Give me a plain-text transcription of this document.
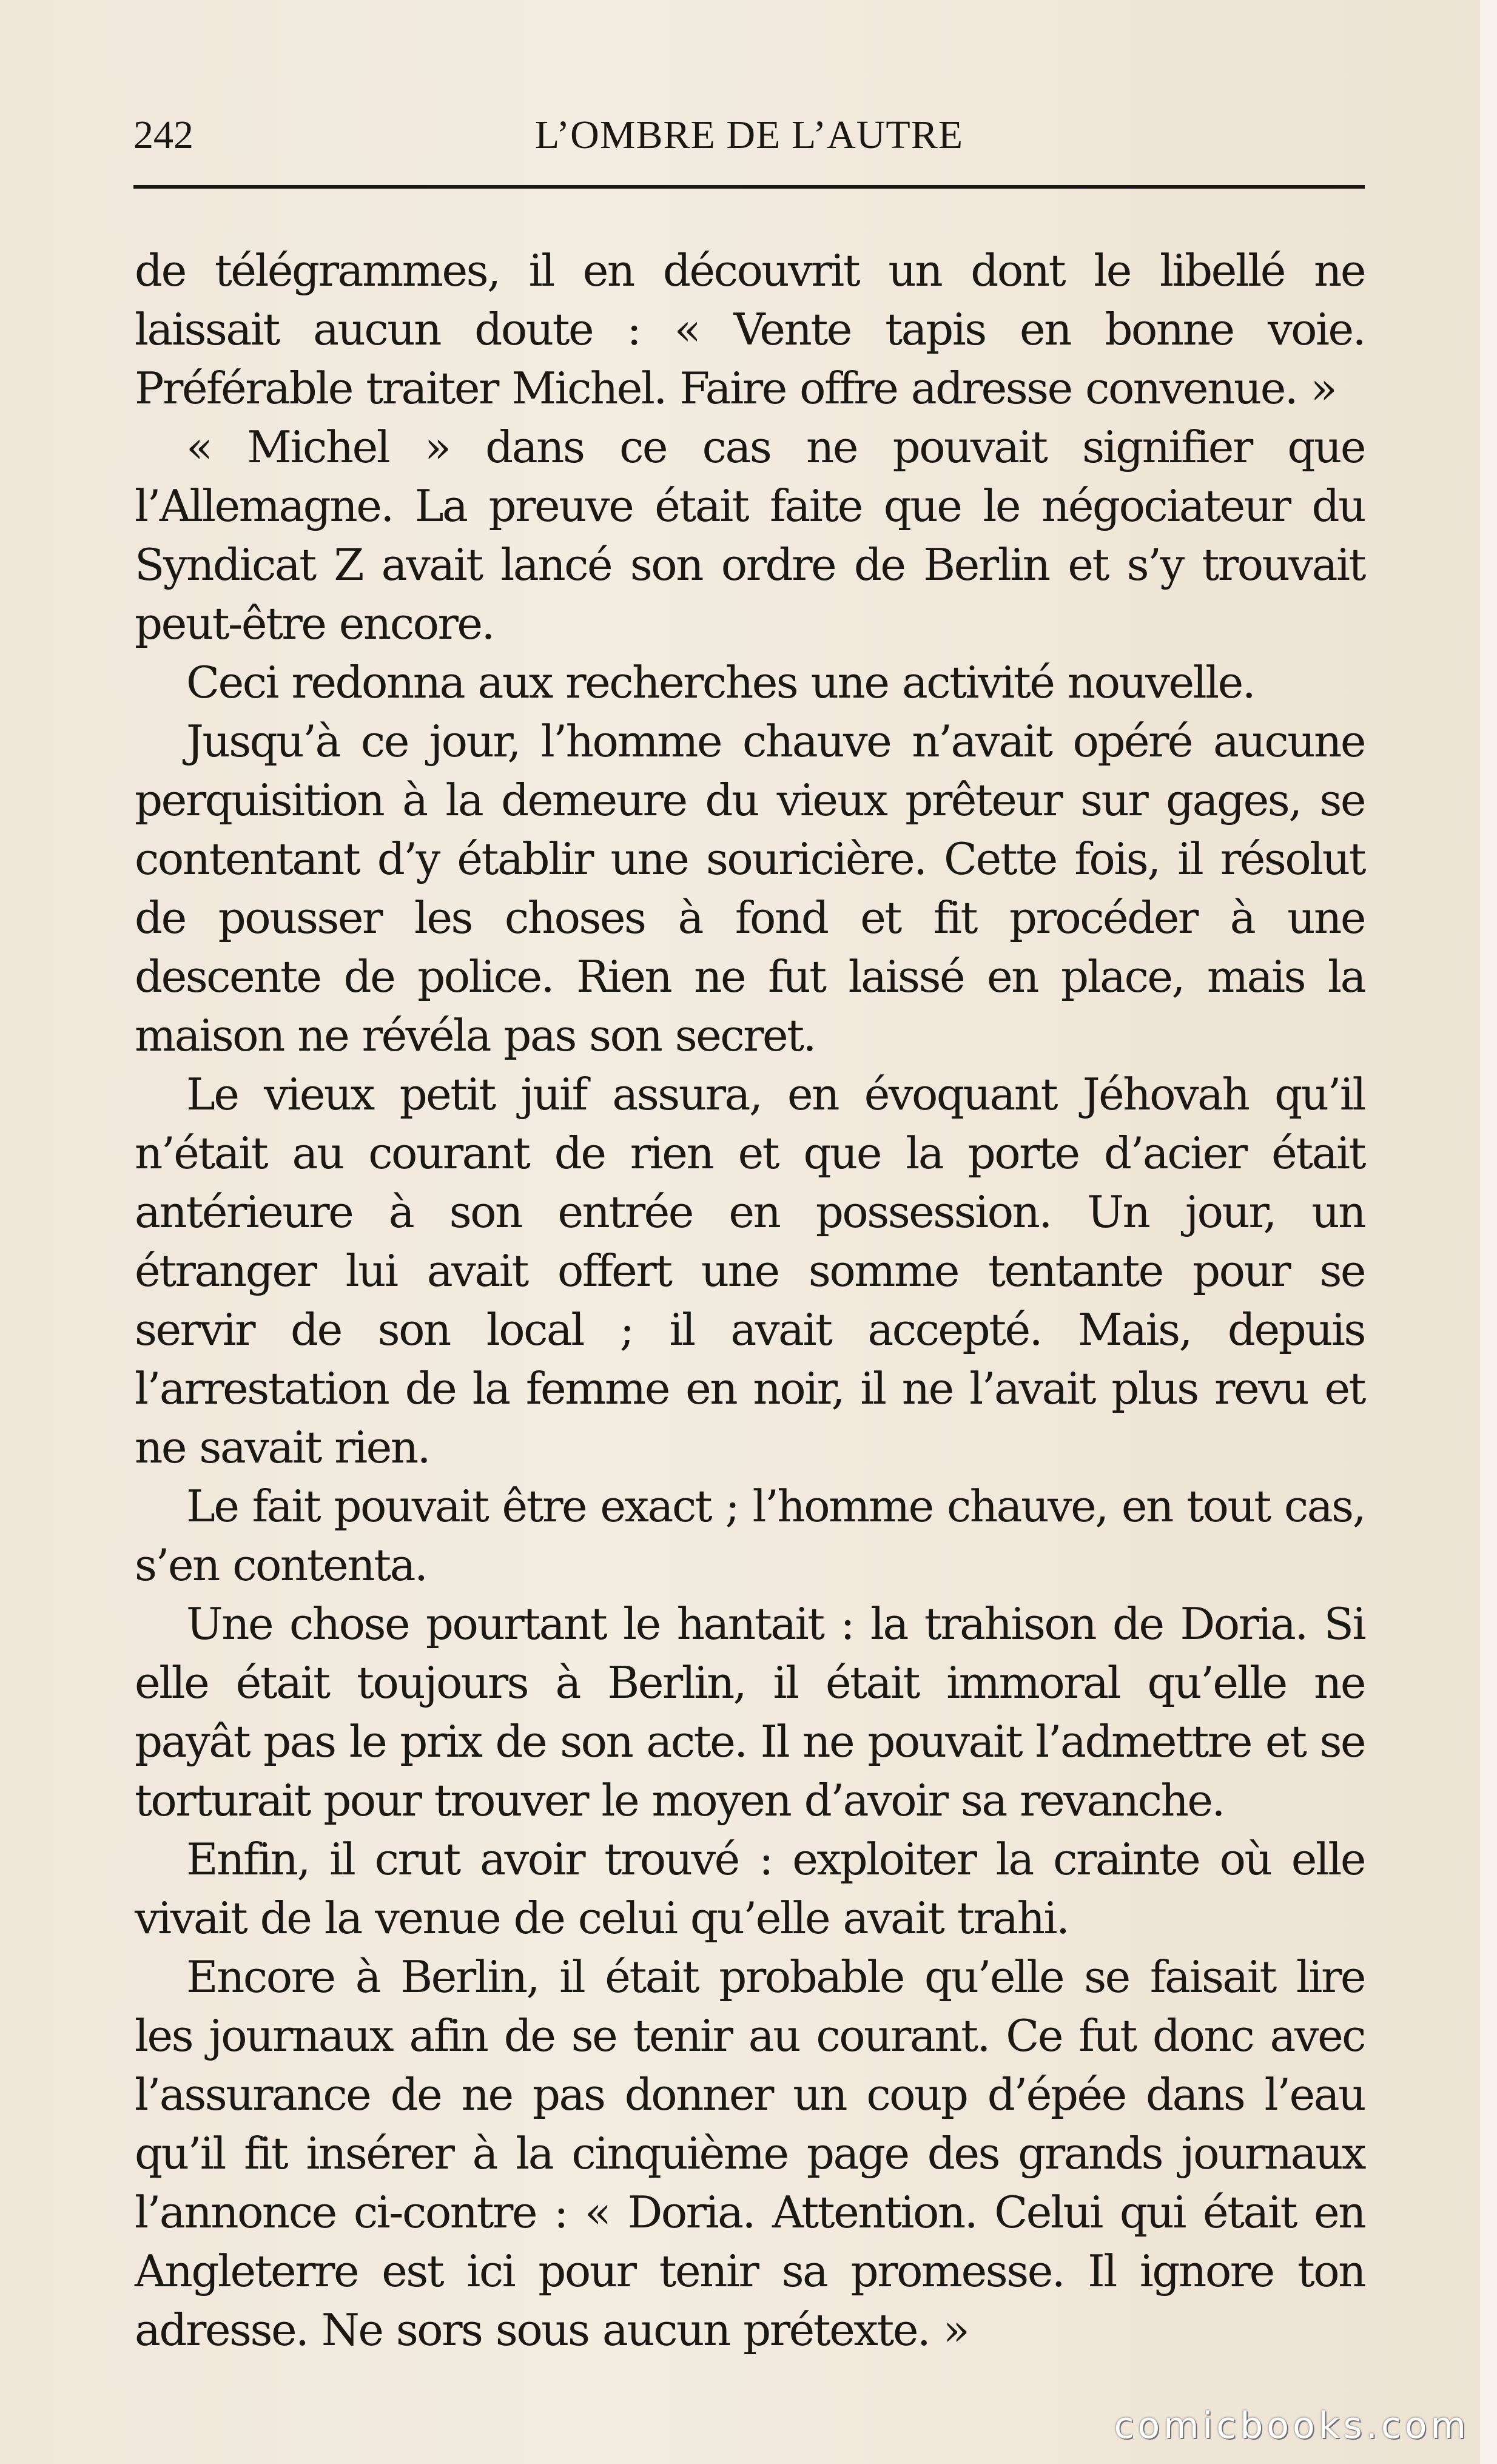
242	L’OMBRE DE L’AUTRE

de télégrammes, il en découvrit un dont le libellé ne laissait aucun doute : « Vente tapis en bonne voie. Préférable traiter Michel. Faire offre adresse convenue. »

« Michel » dans ce cas ne pouvait signifier que l’Allemagne. La preuve était faite que le négociateur du Syndicat Z avait lancé son ordre de Berlin et s’y trouvait peut-être encore.

Ceci redonna aux recherches une activité nouvelle.

Jusqu’à ce jour, l’homme chauve n’avait opéré aucune perquisition à la demeure du vieux prêteur sur gages, se contentant d’y établir une souricière. Cette fois, il résolut de pousser les choses à fond et fit procéder à une descente de police. Rien ne fut laissé en place, mais la maison ne révéla pas son secret.

Le vieux petit juif assura, en évoquant Jéhovah qu’il n’était au courant de rien et que la porte d’acier était antérieure à son entrée en possession. Un jour, un étranger lui avait offert une somme tentante pour se servir de son local ; il avait accepté. Mais, depuis l’arrestation de la femme en noir, il ne l’avait plus revu et ne savait rien.

Le fait pouvait être exact ; l’homme chauve, en tout cas, s’en contenta.

Une chose pourtant le hantait : la trahison de Doria. Si elle était toujours à Berlin, il était immoral qu’elle ne payât pas le prix de son acte. Il ne pouvait l’admettre et se torturait pour trouver le moyen d’avoir sa revanche.

Enfin, il crut avoir trouvé : exploiter la crainte où elle vivait de la venue de celui qu’elle avait trahi.

Encore à Berlin, il était probable qu’elle se faisait lire les journaux afin de se tenir au courant. Ce fut donc avec l’assurance de ne pas donner un coup d’épée dans l’eau qu’il fit insérer à la cinquième page des grands journaux l’annonce ci-contre : « Doria. Attention. Celui qui était en Angleterre est ici pour tenir sa promesse. Il ignore ton adresse. Ne sors sous aucun prétexte. »

comicbooks.com
